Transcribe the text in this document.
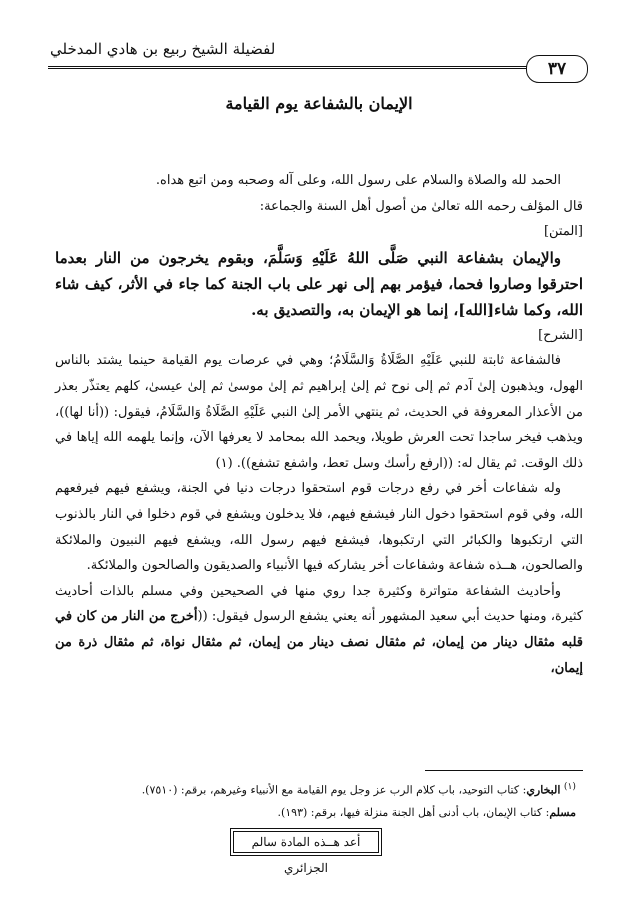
لفضيلة الشيخ ربيع بن هادي المدخلي
٣٧
الإيمان بالشفاعة يوم القيامة

الحمد لله والصلاة والسلام على رسول الله، وعلى آله وصحبه ومن اتبع هداه.

قال المؤلف رحمه الله تعالىٰ من أصول أهل السنة والجماعة:

[المتن]

والإيمان بشفاعة النبي صَلَّى اللهُ عَلَيْهِ وَسَلَّمَ، وبقوم يخرجون من النار بعدما احترقوا وصاروا فحما، فيؤمر بهم إلى نهر على باب الجنة كما جاء في الأثر، كيف شاء الله، وكما شاء[الله]، إنما هو الإيمان به، والتصديق به.

[الشرح]

فالشفاعة ثابتة للنبي عَلَيْهِ الصَّلَاةُ وَالسَّلَامُ؛ وهي في عرصات يوم القيامة حينما يشتد بالناس الهول، ويذهبون إلىٰ آدم ثم إلى نوح ثم إلىٰ إبراهيم ثم إلىٰ موسىٰ ثم إلىٰ عيسىٰ، كلهم يعتذّر بعذر من الأعذار المعروفة في الحديث، ثم ينتهي الأمر إلىٰ النبي عَلَيْهِ الصَّلَاةُ وَالسَّلَامُ، فيقول: ((أنا لها))، ويذهب فيخر ساجدا تحت العرش طويلا، ويحمد الله بمحامد لا يعرفها الآن، وإنما يلهمه الله إياها في ذلك الوقت. ثم يقال له: ((ارفع رأسك وسل تعط، واشفع تشفع)). (١)

وله شفاعات أخر في رفع درجات قوم استحقوا درجات دنيا في الجنة، ويشفع فيهم فيرفعهم الله، وفي قوم استحقوا دخول النار فيشفع فيهم، فلا يدخلون ويشفع في قوم دخلوا في النار بالذنوب التي ارتكبوها والكبائر التي ارتكبوها، فيشفع فيهم رسول الله، ويشفع فيهم النبيون والملائكة والصالحون، هــذه شفاعة وشفاعات أخر يشاركه فيها الأنبياء والصديقون والصالحون والملائكة.

وأحاديث الشفاعة متواترة وكثيرة جدا روي منها في الصحيحين وفي مسلم بالذات أحاديث كثيرة، ومنها حديث أبي سعيد المشهور أنه يعني يشفع الرسول فيقول: ((أخرج من النار من كان في قلبه مثقال دينار من إيمان، ثم مثقال نصف دينار من إيمان، ثم مثقال نواة، ثم مثقال ذرة من إيمان،

$^{(١)}$ البخاري: كتاب التوحيد، باب كلام الرب عز وجل يوم القيامة مع الأنبياء وغيرهم، برقم: (٧٥١٠).

مسلم: كتاب الإيمان، باب أدنى أهل الجنة منزلة فيها، برقم: (١٩٣).

أعد هــذه المادة سالم الجزائري
